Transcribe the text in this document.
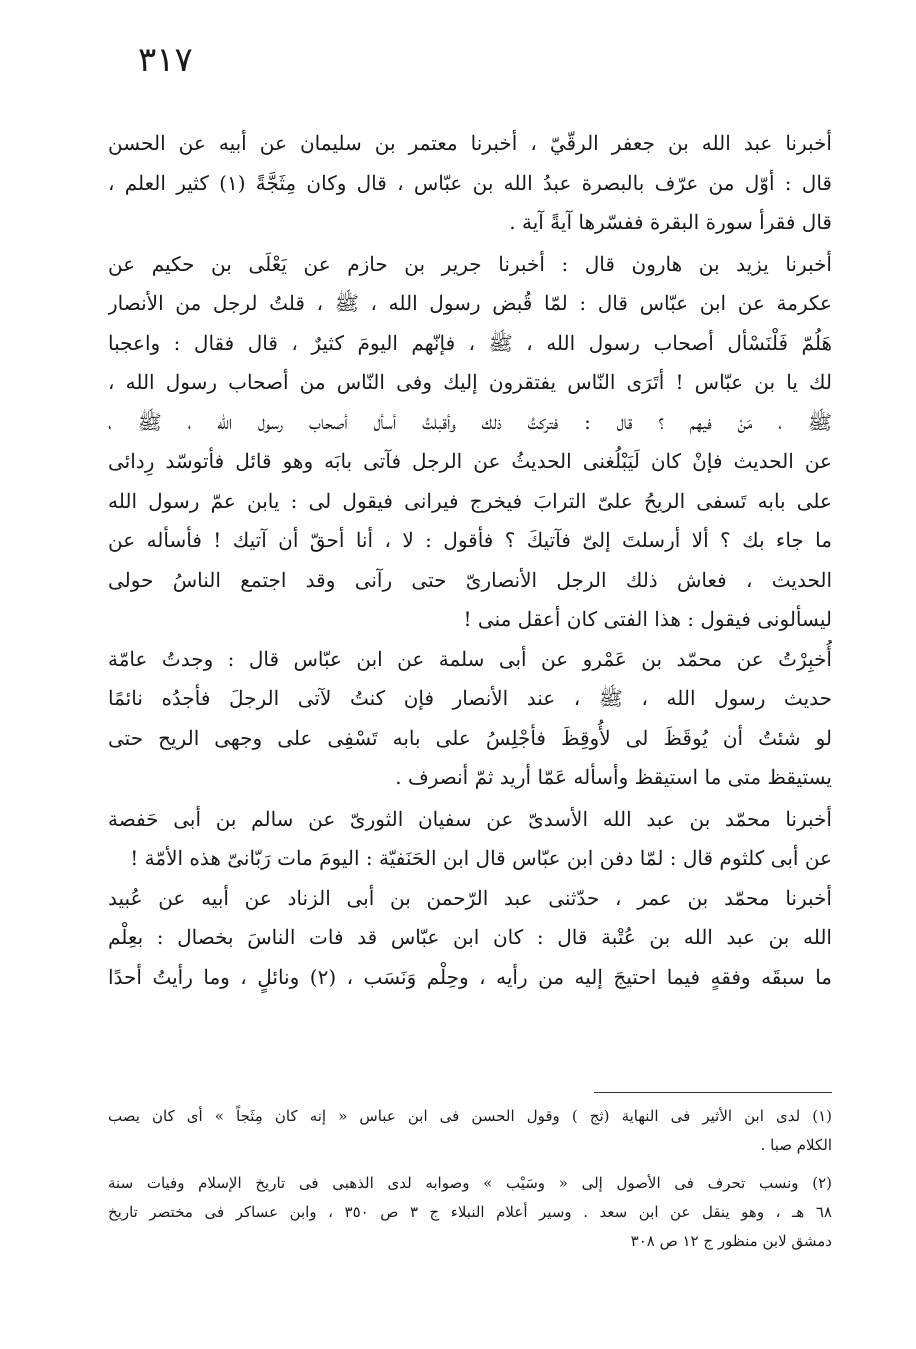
٣١٧
أخبرنا عبد الله بن جعفر الرقّيّ ، أخبرنا معتمر بن سليمان عن أبيه عن الحسن
قال : أوّل من عرّف بالبصرة عبدُ الله بن عبّاس ، قال وكان مِثَجَّةً (١) كثير العلم ،
قال فقرأ سورة البقرة ففسّرها آيةً آية .
أخبرنا يزيد بن هارون قال : أخبرنا جرير بن حازم عن يَعْلَى بن حكيم عن
عكرمة عن ابن عبّاس قال : لمّا قُبض رسول الله ، ﷺ ، قلتُ لرجل من الأنصار
هَلُمّ فَلْنَسْأل أصحاب رسول الله ، ﷺ ، فإنّهم اليومَ كثيرٌ ، قال فقال : واعجبا
لك يا بن عبّاس ! أتَرَى النّاس يفتقرون إليك وفى النّاس من أصحاب رسول الله ،
ﷺ ، مَنْ فيهم ؟ قال : فتركتُ ذلك وأقبلتُ أسأل أصحاب رسول الله ، ﷺ ،
عن الحديث فإنْ كان لَيَبْلُغنى الحديثُ عن الرجل فآتى بابَه وهو قائل فأتوسّد رِدائى
على بابه تَسفى الريحُ علىّ الترابَ فيخرج فيرانى فيقول لى : يابن عمّ رسول الله
ما جاء بك ؟ ألا أرسلتَ إلىّ فآتيكَ ؟ فأقول : لا ، أنا أحقّ أن آتيك ! فأسأله عن
الحديث ، فعاش ذلك الرجل الأنصارىّ حتى رآنى وقد اجتمع الناسُ حولى
ليسألونى فيقول : هذا الفتى كان أعقل منى !
أُخبِرْتُ عن محمّد بن عَمْرو عن أبى سلمة عن ابن عبّاس قال : وجدتُ عامّة
حديث رسول الله ، ﷺ ، عند الأنصار فإن كنتُ لآتى الرجلَ فأجدُه نائمًا
لو شئتُ أن يُوقَظَ لى لأُوقِظَ فأجْلِسُ على بابه تَسْفِى على وجهى الريح حتى
يستيقظ متى ما استيقظ وأسأله عَمّا أريد ثمّ أنصرف .
أخبرنا محمّد بن عبد الله الأسدىّ عن سفيان الثورىّ عن سالم بن أبى حَفصة
عن أبى كلثوم قال : لمّا دفن ابن عبّاس قال ابن الحَنَفيّة : اليومَ مات رَبّانىّ هذه الأمّة !
أخبرنا محمّد بن عمر ، حدّثنى عبد الرّحمن بن أبى الزناد عن أبيه عن عُبيد
الله بن عبد الله بن عُتْبة قال : كان ابن عبّاس قد فات الناسَ بخصال : بعِلْم
ما سبقَه وفقهٍ فيما احتيجَ إليه من رأيه ، وحِلْم وَنَسَب ، (٢) ونائلٍ ، وما رأيتُ أحدًا
(١) لدى ابن الأثير فى النهاية (ثج ) وقول الحسن فى ابن عباس « إنه كان مِثَجاً » أى كان يصب
الكلام صبا .
(٢) ونسب تحرف فى الأصول إلى « وسَيْب » وصوابه لدى الذهبى فى تاريخ الإسلام وفيات سنة
٦٨ هـ ، وهو ينقل عن ابن سعد . وسير أعلام النبلاء ج ٣ ص ٣٥٠ ، وابن عساكر فى مختصر تاريخ
دمشق لابن منظور ج ١٢ ص ٣٠٨
